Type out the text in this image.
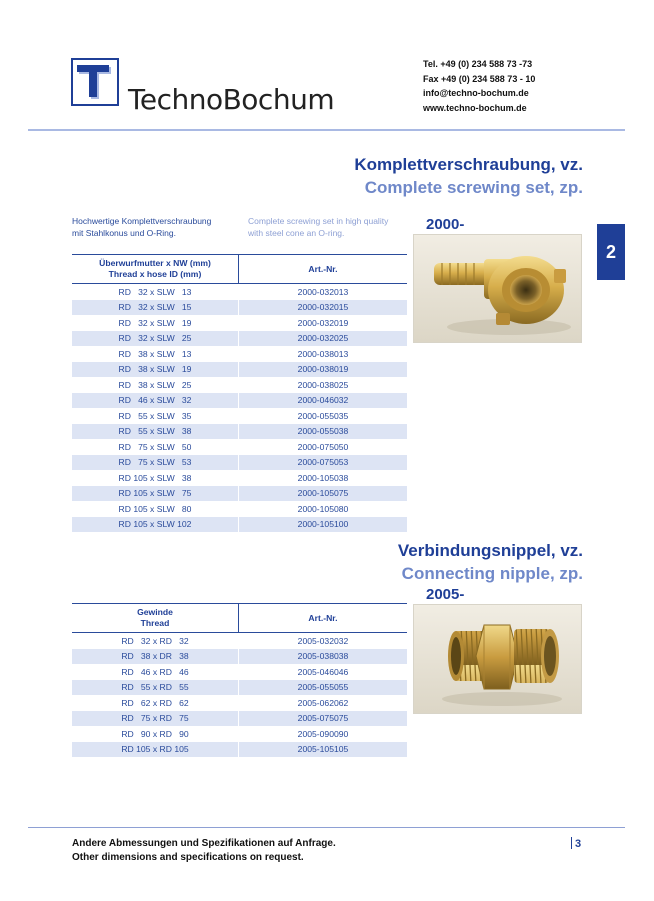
TechnoBochum
Tel. +49 (0) 234 588 73 -73
Fax +49 (0) 234 588 73 - 10
info@techno-bochum.de
www.techno-bochum.de
2
Komplettverschraubung, vz.
Complete screwing set, zp.
Hochwertige Komplettverschraubung
mit Stahlkonus und O-Ring.
Complete screwing set in high quality
with steel cone an O-ring.	2000-
Überwurfmutter x NW (mm)
Thread x hose ID (mm)	Art.-Nr.
RD   32 x SLW   13	2000-032013
RD   32 x SLW   15	2000-032015
RD   32 x SLW   19	2000-032019
RD   32 x SLW   25	2000-032025
RD   38 x SLW   13	2000-038013
RD   38 x SLW   19	2000-038019
RD   38 x SLW   25	2000-038025
RD   46 x SLW   32	2000-046032
RD   55 x SLW   35	2000-055035
RD   55 x SLW   38	2000-055038
RD   75 x SLW   50	2000-075050
RD   75 x SLW   53	2000-075053
RD 105 x SLW   38	2000-105038
RD 105 x SLW   75	2000-105075
RD 105 x SLW   80	2000-105080
RD 105 x SLW 102	2000-105100
Verbindungsnippel, vz.
Connecting nipple, zp.
2005-
Gewinde
Thread	Art.-Nr.
RD   32 x RD   32	2005-032032
RD   38 x DR   38	2005-038038
RD   46 x RD   46	2005-046046
RD   55 x RD   55	2005-055055
RD   62 x RD   62	2005-062062
RD   75 x RD   75	2005-075075
RD   90 x RD   90	2005-090090
RD 105 x RD 105	2005-105105
Andere Abmessungen und Spezifikationen auf Anfrage.
Other dimensions and specifications on request.
3
